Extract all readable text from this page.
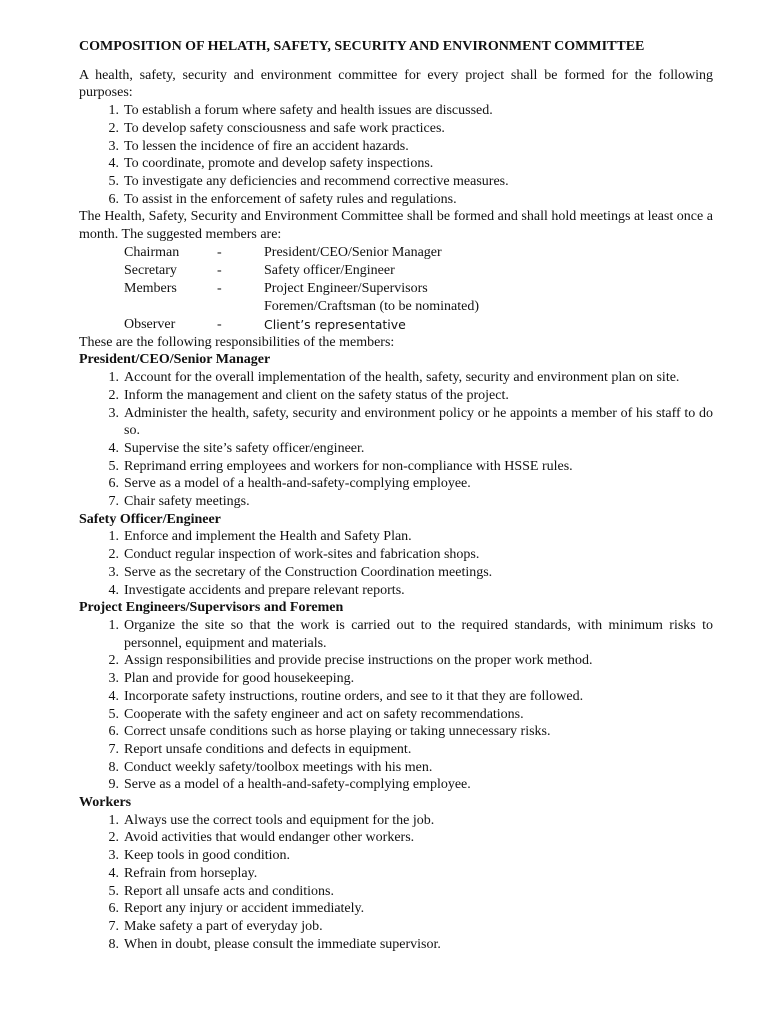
COMPOSITION OF HELATH, SAFETY, SECURITY AND ENVIRONMENT COMMITTEE

A health, safety, security and environment committee for every project shall be formed for the following purposes:

1. To establish a forum where safety and health issues are discussed.
2. To develop safety consciousness and safe work practices.
3. To lessen the incidence of fire an accident hazards.
4. To coordinate, promote and develop safety inspections.
5. To investigate any deficiencies and recommend corrective measures.
6. To assist in the enforcement of safety rules and regulations.

The Health, Safety, Security and Environment Committee shall be formed and shall hold meetings at least once a month. The suggested members are:

Chairman	-	President/CEO/Senior Manager
Secretary	-	Safety officer/Engineer
Members	-	Project Engineer/Supervisors
Foremen/Craftsman (to be nominated)
Observer	-	Client’s representative

These are the following responsibilities of the members:

President/CEO/Senior Manager
1. Account for the overall implementation of the health, safety, security and environment plan on site.
2. Inform the management and client on the safety status of the project.
3. Administer the health, safety, security and environment policy or he appoints a member of his staff to do so.
4. Supervise the site’s safety officer/engineer.
5. Reprimand erring employees and workers for non-compliance with HSSE rules.
6. Serve as a model of a health-and-safety-complying employee.
7. Chair safety meetings.
Safety Officer/Engineer
1. Enforce and implement the Health and Safety Plan.
2. Conduct regular inspection of work-sites and fabrication shops.
3. Serve as the secretary of the Construction Coordination meetings.
4. Investigate accidents and prepare relevant reports.
Project Engineers/Supervisors and Foremen
1. Organize the site so that the work is carried out to the required standards, with minimum risks to personnel, equipment and materials.
2. Assign responsibilities and provide precise instructions on the proper work method.
3. Plan and provide for good housekeeping.
4. Incorporate safety instructions, routine orders, and see to it that they are followed.
5. Cooperate with the safety engineer and act on safety recommendations.
6. Correct unsafe conditions such as horse playing or taking unnecessary risks.
7. Report unsafe conditions and defects in equipment.
8. Conduct weekly safety/toolbox meetings with his men.
9. Serve as a model of a health-and-safety-complying employee.
Workers
1. Always use the correct tools and equipment for the job.
2. Avoid activities that would endanger other workers.
3. Keep tools in good condition.
4. Refrain from horseplay.
5. Report all unsafe acts and conditions.
6. Report any injury or accident immediately.
7. Make safety a part of everyday job.
8. When in doubt, please consult the immediate supervisor.
